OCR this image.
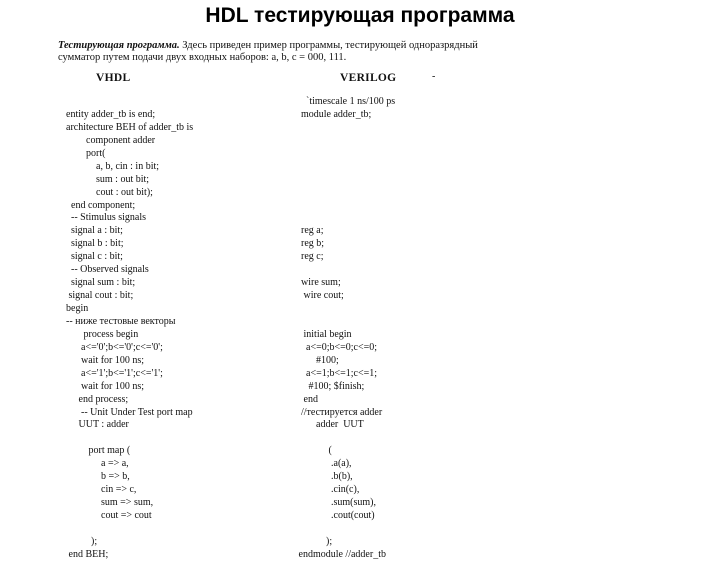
HDL тестирующая программа
Тестирующая программа. Здесь приведен пример программы, тестирующей одноразрядный сумматор путем подачи двух входных наборов: a, b, c = 000, 111.
VHDL	VERILOG	-
entity adder_tb is end;
architecture BEH of adder_tb is
component adder
port(
a, b, cin : in bit;
sum : out bit;
cout : out bit);
end component;
-- Stimulus signals
signal a : bit;
signal b : bit;
signal c : bit;
-- Observed signals
signal sum : bit;
signal cout : bit;
begin
-- ниже тестовые векторы
process begin
a<='0';b<='0';c<='0';
wait for 100 ns;
a<='1';b<='1';c<='1';
wait for 100 ns;
end process;
-- Unit Under Test port map
UUT : adder
port map (
a => a,
b => b,
cin => c,
sum => sum,
cout => cout
);
end BEH;
`timescale 1 ns/100 ps
module adder_tb;
reg a;
reg b;
reg c;
wire sum;
wire cout;
initial begin
a<=0;b<=0;c<=0;
#100;
a<=1;b<=1;c<=1;
#100; $finish;
end
//тестируется adder
adder  UUT
(
.a(a),
.b(b),
.cin(c),
.sum(sum),
.cout(cout)
);
endmodule //adder_tb
